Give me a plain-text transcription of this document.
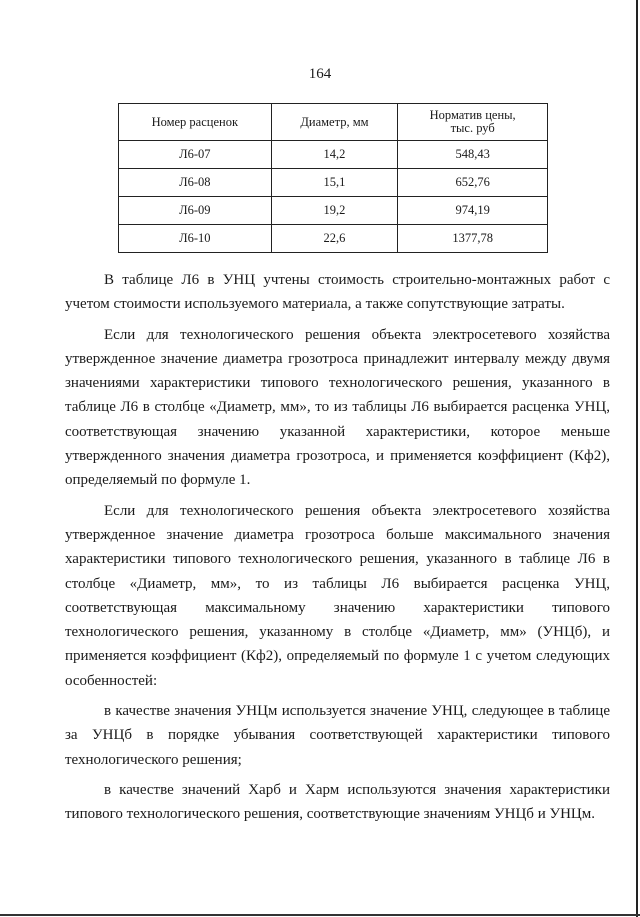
164
Номер расценок	Диаметр, мм	Норматив цены,
тыс. руб
Л6-07	14,2	548,43
Л6-08	15,1	652,76
Л6-09	19,2	974,19
Л6-10	22,6	1377,78

В таблице Л6 в УНЦ учтены стоимость строительно-монтажных работ с учетом стоимости используемого материала, а также сопутствующие затраты.

Если для технологического решения объекта электросетевого хозяйства утвержденное значение диаметра грозотроса принадлежит интервалу между двумя значениями характеристики типового технологического решения, указанного в таблице Л6 в столбце «Диаметр, мм», то из таблицы Л6 выбирается расценка УНЦ, соответствующая значению указанной характеристики, которое меньше утвержденного значения диаметра грозотроса, и применяется коэффициент (Кф2), определяемый по формуле 1.

Если для технологического решения объекта электросетевого хозяйства утвержденное значение диаметра грозотроса больше максимального значения характеристики типового технологического решения, указанного в таблице Л6 в столбце «Диаметр, мм», то из таблицы Л6 выбирается расценка УНЦ, соответствующая максимальному значению характеристики типового технологического решения, указанному в столбце «Диаметр, мм» (УНЦб), и применяется коэффициент (Кф2), определяемый по формуле 1 с учетом следующих особенностей:

в качестве значения УНЦм используется значение УНЦ, следующее в таблице за УНЦб в порядке убывания соответствующей характеристики типового технологического решения;

в качестве значений Харб и Харм используются значения характеристики типового технологического решения, соответствующие значениям УНЦб и УНЦм.
